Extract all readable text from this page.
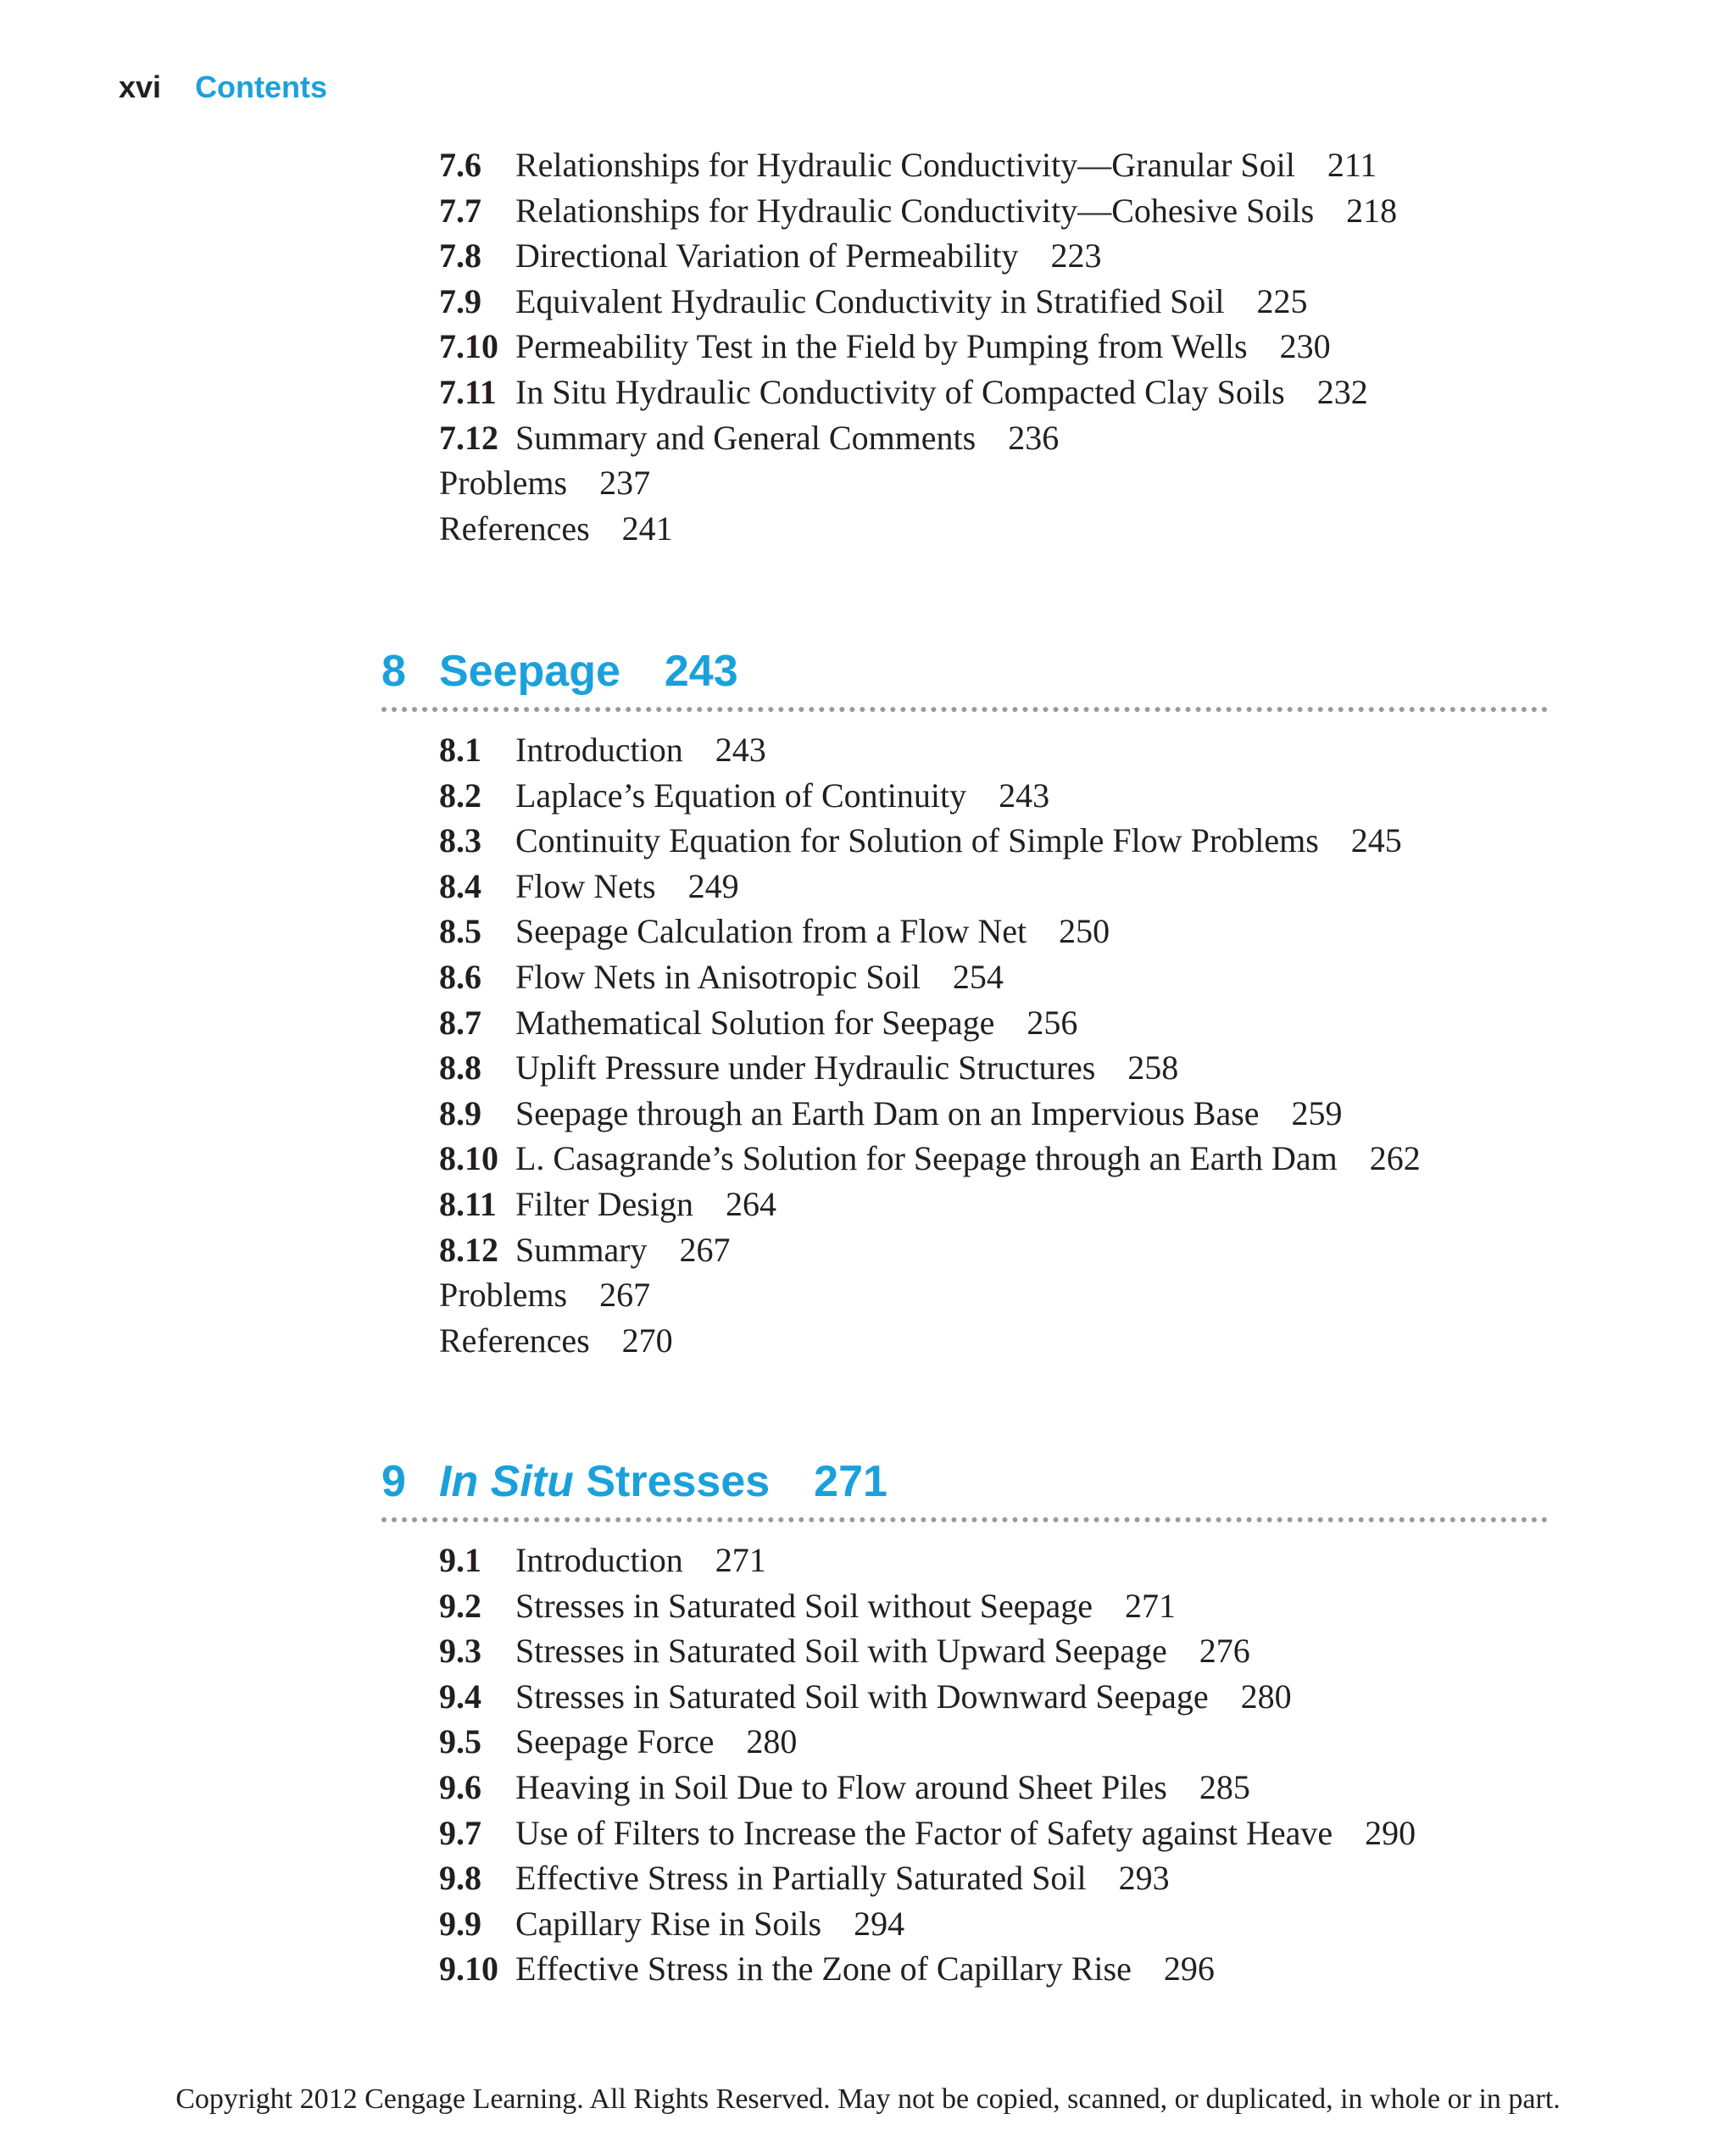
xvi Contents
7.6 Relationships for Hydraulic Conductivity—Granular Soil 211
7.7 Relationships for Hydraulic Conductivity—Cohesive Soils 218
7.8 Directional Variation of Permeability 223
7.9 Equivalent Hydraulic Conductivity in Stratified Soil 225
7.10 Permeability Test in the Field by Pumping from Wells 230
7.11 In Situ Hydraulic Conductivity of Compacted Clay Soils 232
7.12 Summary and General Comments 236
Problems 237
References 241
8 Seepage 243
8.1 Introduction 243
8.2 Laplace’s Equation of Continuity 243
8.3 Continuity Equation for Solution of Simple Flow Problems 245
8.4 Flow Nets 249
8.5 Seepage Calculation from a Flow Net 250
8.6 Flow Nets in Anisotropic Soil 254
8.7 Mathematical Solution for Seepage 256
8.8 Uplift Pressure under Hydraulic Structures 258
8.9 Seepage through an Earth Dam on an Impervious Base 259
8.10 L. Casagrande’s Solution for Seepage through an Earth Dam 262
8.11 Filter Design 264
8.12 Summary 267
Problems 267
References 270
9 In Situ Stresses 271
9.1 Introduction 271
9.2 Stresses in Saturated Soil without Seepage 271
9.3 Stresses in Saturated Soil with Upward Seepage 276
9.4 Stresses in Saturated Soil with Downward Seepage 280
9.5 Seepage Force 280
9.6 Heaving in Soil Due to Flow around Sheet Piles 285
9.7 Use of Filters to Increase the Factor of Safety against Heave 290
9.8 Effective Stress in Partially Saturated Soil 293
9.9 Capillary Rise in Soils 294
9.10 Effective Stress in the Zone of Capillary Rise 296
Copyright 2012 Cengage Learning. All Rights Reserved. May not be copied, scanned, or duplicated, in whole or in part.
